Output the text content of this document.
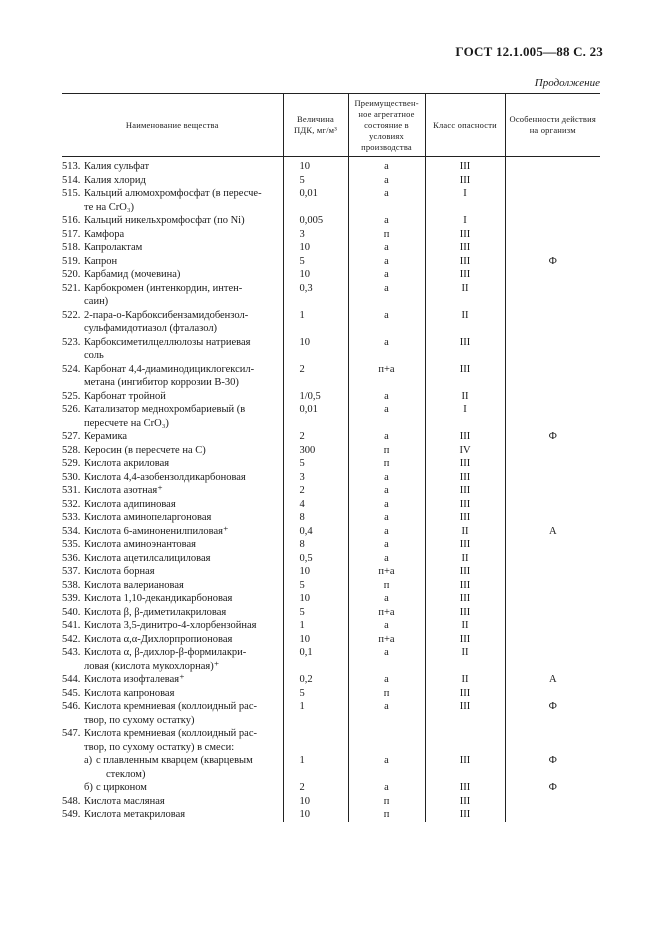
ГОСТ 12.1.005—88 С. 23
Продолжение
Наименование вещества	Величина ПДК, мг/м³	Преимущественное агрегатное состояние в условиях производства	Класс опасности	Особенности действия на организм
513. Калия сульфат	10	а	III	
514. Калия хлорид	5	а	III	
515. Кальций алюмохромфосфат (в пересче-
те на CrO₃)	0,01	а	I	
516. Кальций никельхромфосфат (по Ni)	0,005	а	I	
517. Камфора	3	п	III	
518. Капролактам	10	а	III	
519. Капрон	5	а	III	Ф
520. Карбамид (мочевина)	10	а	III	
521. Карбокромен (интенкордин, интен-
саин)	0,3	а	II	
522. 2-пара-о-Карбоксибензамидобензол-
сульфамидотиазол (фталазол)	1	а	II	
523. Карбоксиметилцеллюлозы натриевая
соль	10	а	III	
524. Карбонат 4,4-диаминодициклогексил-
метана (ингибитор коррозии В-30)	2	п+а	III	
525. Карбонат тройной	1/0,5	а	II	
526. Катализатор меднохромбариевый (в
пересчете на CrO₃)	0,01	а	I	
527. Керамика	2	а	III	Ф
528. Керосин (в пересчете на С)	300	п	IV	
529. Кислота акриловая	5	п	III	
530. Кислота 4,4-азобензолдикарбоновая	3	а	III	
531. Кислота азотная⁺	2	а	III	
532. Кислота адипиновая	4	а	III	
533. Кислота аминопеларгоновая	8	а	III	
534. Кислота 6-аминоненилпиловая⁺	0,4	а	II	А
535. Кислота аминоэнантовая	8	а	III	
536. Кислота ацетилсалициловая	0,5	а	II	
537. Кислота борная	10	п+а	III	
538. Кислота валериановая	5	п	III	
539. Кислота 1,10-декандикарбоновая	10	а	III	
540. Кислота β, β-диметилакриловая	5	п+а	III	
541. Кислота 3,5-динитро-4-хлорбензойная	1	а	II	
542. Кислота α,α-Дихлорпропионовая	10	п+а	III	
543. Кислота α, β-дихлор-β-формилакри-
ловая (кислота мукохлорная)⁺	0,1	а	II	
544. Кислота изофталевая⁺	0,2	а	II	А
545. Кислота капроновая	5	п	III	
546. Кислота кремниевая (коллоидный рас-
твор, по сухому остатку)	1	а	III	Ф
547. Кислота кремниевая (коллоидный рас-
твор, по сухому остатку) в смеси:				

а) с плавленным кварцем (кварцевым
стеклом)	1	а	III	Ф
б) с цирконом	2	а	III	Ф
548. Кислота масляная	10	п	III	
549. Кислота метакриловая	10	п	III	
